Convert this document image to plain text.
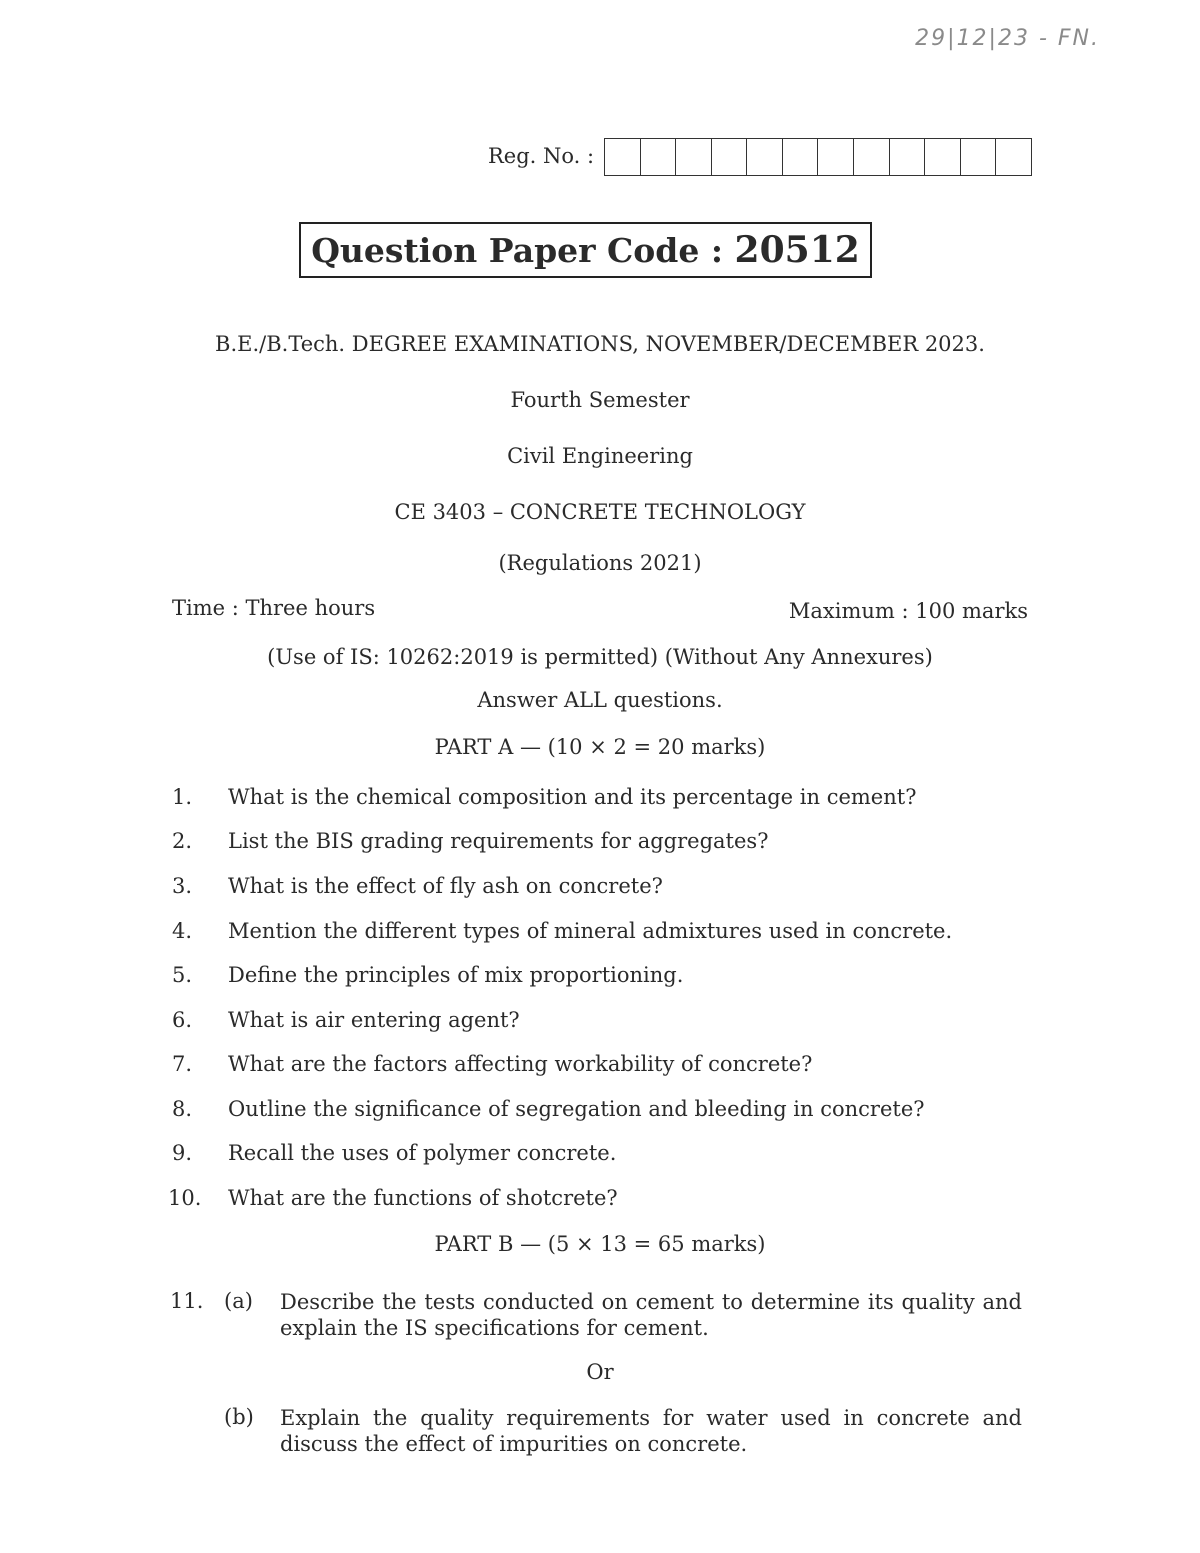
29|12|23 - FN.
Reg. No. :
Question Paper Code : 20512
B.E./B.Tech. DEGREE EXAMINATIONS, NOVEMBER/DECEMBER 2023.
Fourth Semester
Civil Engineering
CE 3403 – CONCRETE TECHNOLOGY
(Regulations 2021)
Time : Three hours	Maximum : 100 marks
(Use of IS: 10262:2019 is permitted) (Without Any Annexures)
Answer ALL questions.
PART A — (10 × 2 = 20 marks)
1. What is the chemical composition and its percentage in cement?
2. List the BIS grading requirements for aggregates?
3. What is the effect of fly ash on concrete?
4. Mention the different types of mineral admixtures used in concrete.
5. Define the principles of mix proportioning.
6. What is air entering agent?
7. What are the factors affecting workability of concrete?
8. Outline the significance of segregation and bleeding in concrete?
9. Recall the uses of polymer concrete.
10. What are the functions of shotcrete?
PART B — (5 × 13 = 65 marks)
11. (a) Describe the tests conducted on cement to determine its quality and explain the IS specifications for cement.
Or
(b) Explain the quality requirements for water used in concrete and discuss the effect of impurities on concrete.
